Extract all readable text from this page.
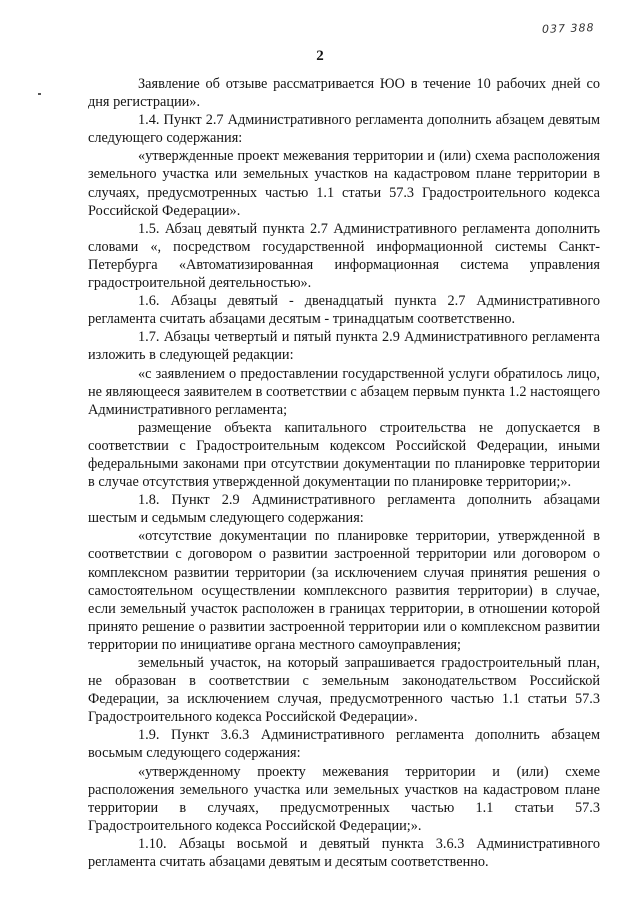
037 388
2

Заявление об отзыве рассматривается ЮО в течение 10 рабочих дней со дня регистрации».

1.4. Пункт 2.7 Административного регламента дополнить абзацем девятым следующего содержания:

«утвержденные проект межевания территории и (или) схема расположения земельного участка или земельных участков на кадастровом плане территории в случаях, предусмотренных частью 1.1 статьи 57.3 Градостроительного кодекса Российской Федерации».

1.5. Абзац девятый пункта 2.7 Административного регламента дополнить словами «, посредством государственной информационной системы Санкт-Петербурга «Автоматизированная информационная система управления градостроительной деятельностью».

1.6. Абзацы девятый - двенадцатый пункта 2.7 Административного регламента считать абзацами десятым - тринадцатым соответственно.

1.7. Абзацы четвертый и пятый пункта 2.9 Административного регламента изложить в следующей редакции:

«с заявлением о предоставлении государственной услуги обратилось лицо, не являющееся заявителем в соответствии с абзацем первым пункта 1.2 настоящего Административного регламента;

размещение объекта капитального строительства не допускается в соответствии с Градостроительным кодексом Российской Федерации, иными федеральными законами при отсутствии документации по планировке территории в случае отсутствия утвержденной документации по планировке территории;».

1.8. Пункт 2.9 Административного регламента дополнить абзацами шестым и седьмым следующего содержания:

«отсутствие документации по планировке территории, утвержденной в соответствии с договором о развитии застроенной территории или договором о комплексном развитии территории (за исключением случая принятия решения о самостоятельном осуществлении комплексного развития территории) в случае, если земельный участок расположен в границах территории, в отношении которой принято решение о развитии застроенной территории или о комплексном развитии территории по инициативе органа местного самоуправления;

земельный участок, на который запрашивается градостроительный план, не образован в соответствии с земельным законодательством Российской Федерации, за исключением случая, предусмотренного частью 1.1 статьи 57.3 Градостроительного кодекса Российской Федерации».

1.9. Пункт 3.6.3 Административного регламента дополнить абзацем восьмым следующего содержания:

«утвержденному проекту межевания территории и (или) схеме расположения земельного участка или земельных участков на кадастровом плане территории в случаях, предусмотренных частью 1.1 статьи 57.3 Градостроительного кодекса Российской Федерации;».

1.10. Абзацы восьмой и девятый пункта 3.6.3 Административного регламента считать абзацами девятым и десятым соответственно.
